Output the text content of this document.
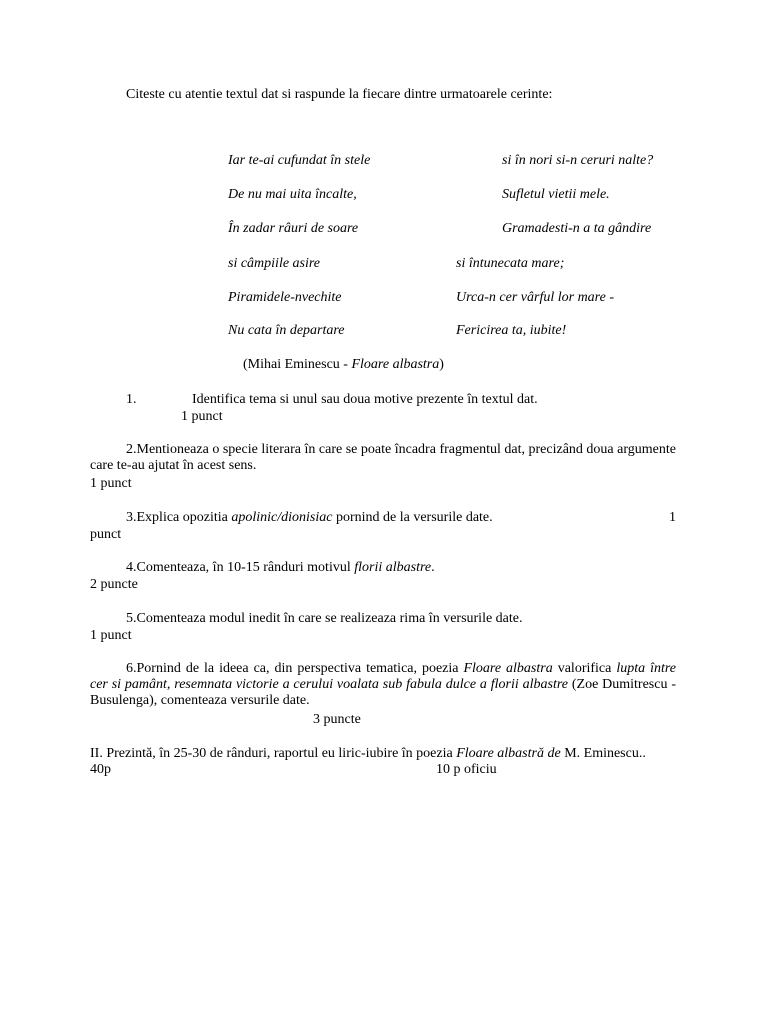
Citeste cu atentie textul dat si raspunde la fiecare dintre urmatoarele cerinte:
Iar te-ai cufundat în stele	si în nori si-n ceruri nalte?
De nu mai uita încalte,	Sufletul vietii mele.
În zadar râuri de soare	Gramadesti-n a ta gândire
si câmpiile asire	si întunecata mare;
Piramidele-nvechite	Urca-n cer vârful lor mare -
Nu cata în departare	Fericirea ta, iubite!
(Mihai Eminescu - Floare albastra)
1.	Identifica tema si unul sau doua motive prezente în textul dat.
1 punct
2.Mentioneaza o specie literara în care se poate încadra fragmentul dat, precizând doua argumente care te-au ajutat în acest sens.
1 punct
3.Explica opozitia apolinic/dionisiac pornind de la versurile date.	1
punct
4.Comenteaza, în 10-15 rânduri motivul florii albastre.
2 puncte
5.Comenteaza modul inedit în care se realizeaza rima în versurile date.
1 punct
6.Pornind de la ideea ca, din perspectiva tematica, poezia Floare albastra valorifica lupta între cer si pamânt, resemnata victorie a cerului voalata sub fabula dulce a florii albastre (Zoe Dumitrescu - Busulenga), comenteaza versurile date.
3 puncte
II. Prezintă, în 25-30 de rânduri, raportul eu liric-iubire în poezia Floare albastră de M. Eminescu..
40p	10 p oficiu
